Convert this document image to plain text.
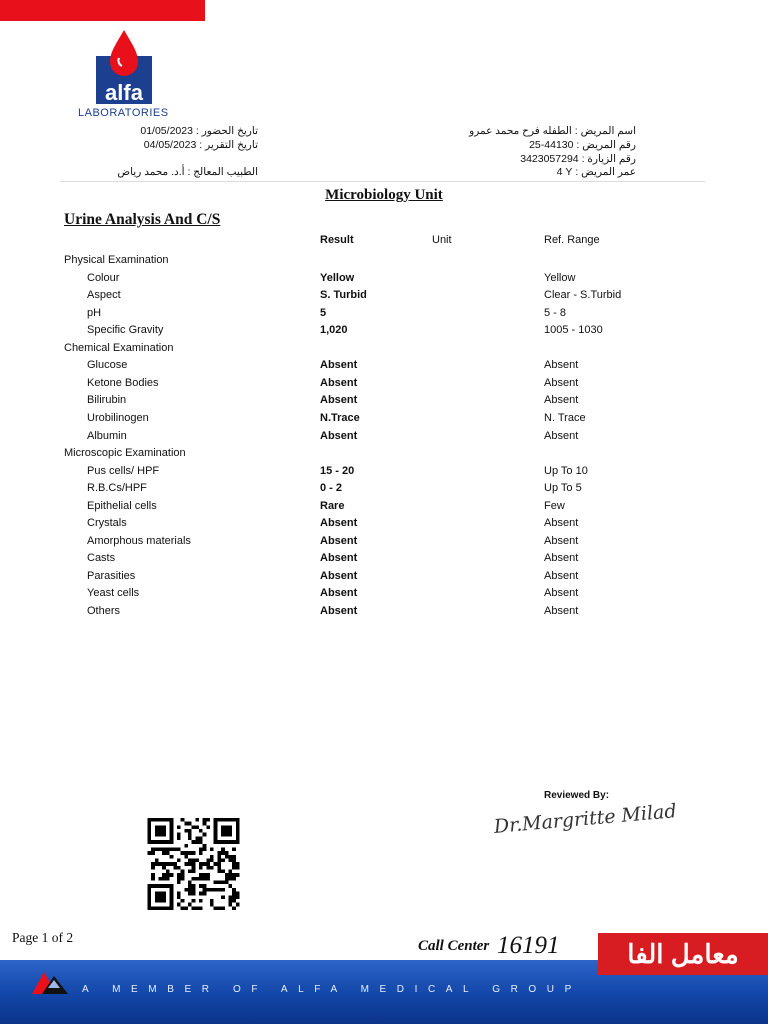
alfa
LABORATORIES
تاريخ الحضور : 01/05/2023
تاريخ التقرير : 04/05/2023
الطبيب المعالج : أ.د. محمد رياض
اسم المريض : الطفله فرح محمد عمرو
رقم المريض : 25-44130
رقم الزيارة : 3423057294
عمر المريض : 4 Y
Microbiology Unit
Urine Analysis And C/S
Result	Unit	Ref. Range
Physical Examination
Colour	Yellow	Yellow
Aspect	S. Turbid	Clear - S.Turbid
pH	5	5 - 8
Specific Gravity	1,020	1005 - 1030
Chemical Examination
Glucose	Absent	Absent
Ketone Bodies	Absent	Absent
Bilirubin	Absent	Absent
Urobilinogen	N.Trace	N. Trace
Albumin	Absent	Absent
Microscopic Examination
Pus cells/ HPF	15 - 20	Up To 10
R.B.Cs/HPF	0 - 2	Up To 5
Epithelial cells	Rare	Few
Crystals	Absent	Absent
Amorphous materials	Absent	Absent
Casts	Absent	Absent
Parasities	Absent	Absent
Yeast cells	Absent	Absent
Others	Absent	Absent
Reviewed By:
Dr.Margritte Milad
Page 1 of 2
Call Center 16191	معامل الفا
A MEMBER OF ALFA MEDICAL GROUP
